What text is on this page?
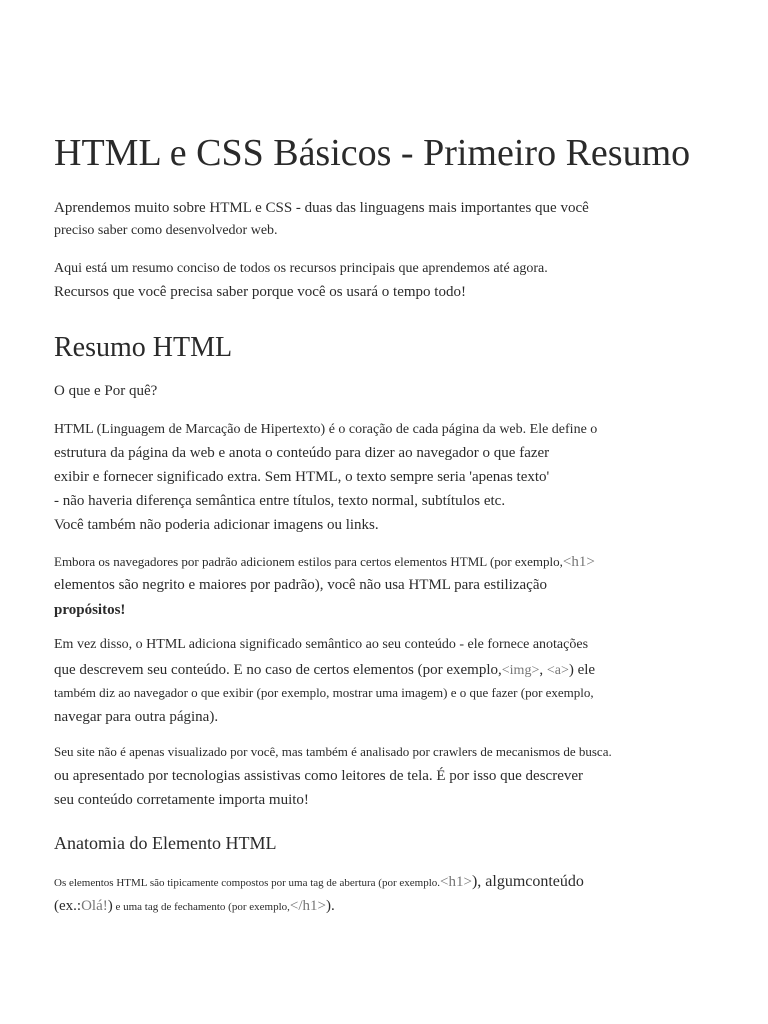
HTML e CSS Básicos - Primeiro Resumo
Aprendemos muito sobre HTML e CSS - duas das linguagens mais importantes que você
preciso saber como desenvolvedor web.
Aqui está um resumo conciso de todos os recursos principais que aprendemos até agora.
Recursos que você precisa saber porque você os usará o tempo todo!
Resumo HTML
O que e Por quê?
HTML (Linguagem de Marcação de Hipertexto) é o coração de cada página da web. Ele define o
estrutura da página da web e anota o conteúdo para dizer ao navegador o que fazer
exibir e fornecer significado extra. Sem HTML, o texto sempre seria 'apenas texto'
- não haveria diferença semântica entre títulos, texto normal, subtítulos etc.
Você também não poderia adicionar imagens ou links.
Embora os navegadores por padrão adicionem estilos para certos elementos HTML (por exemplo,<h1>
elementos são negrito e maiores por padrão), você não usa HTML para estilização
propósitos!
Em vez disso, o HTML adiciona significado semântico ao seu conteúdo - ele fornece anotações
que descrevem seu conteúdo. E no caso de certos elementos (por exemplo,<img>, <a>) ele
também diz ao navegador o que exibir (por exemplo, mostrar uma imagem) e o que fazer (por exemplo,
navegar para outra página).
Seu site não é apenas visualizado por você, mas também é analisado por crawlers de mecanismos de busca.
ou apresentado por tecnologias assistivas como leitores de tela. É por isso que descrever
seu conteúdo corretamente importa muito!
Anatomia do Elemento HTML
Os elementos HTML são tipicamente compostos por uma tag de abertura (por exemplo.<h1>), algumconteúdo
(ex.:Olá!) e uma tag de fechamento (por exemplo,</h1>).
